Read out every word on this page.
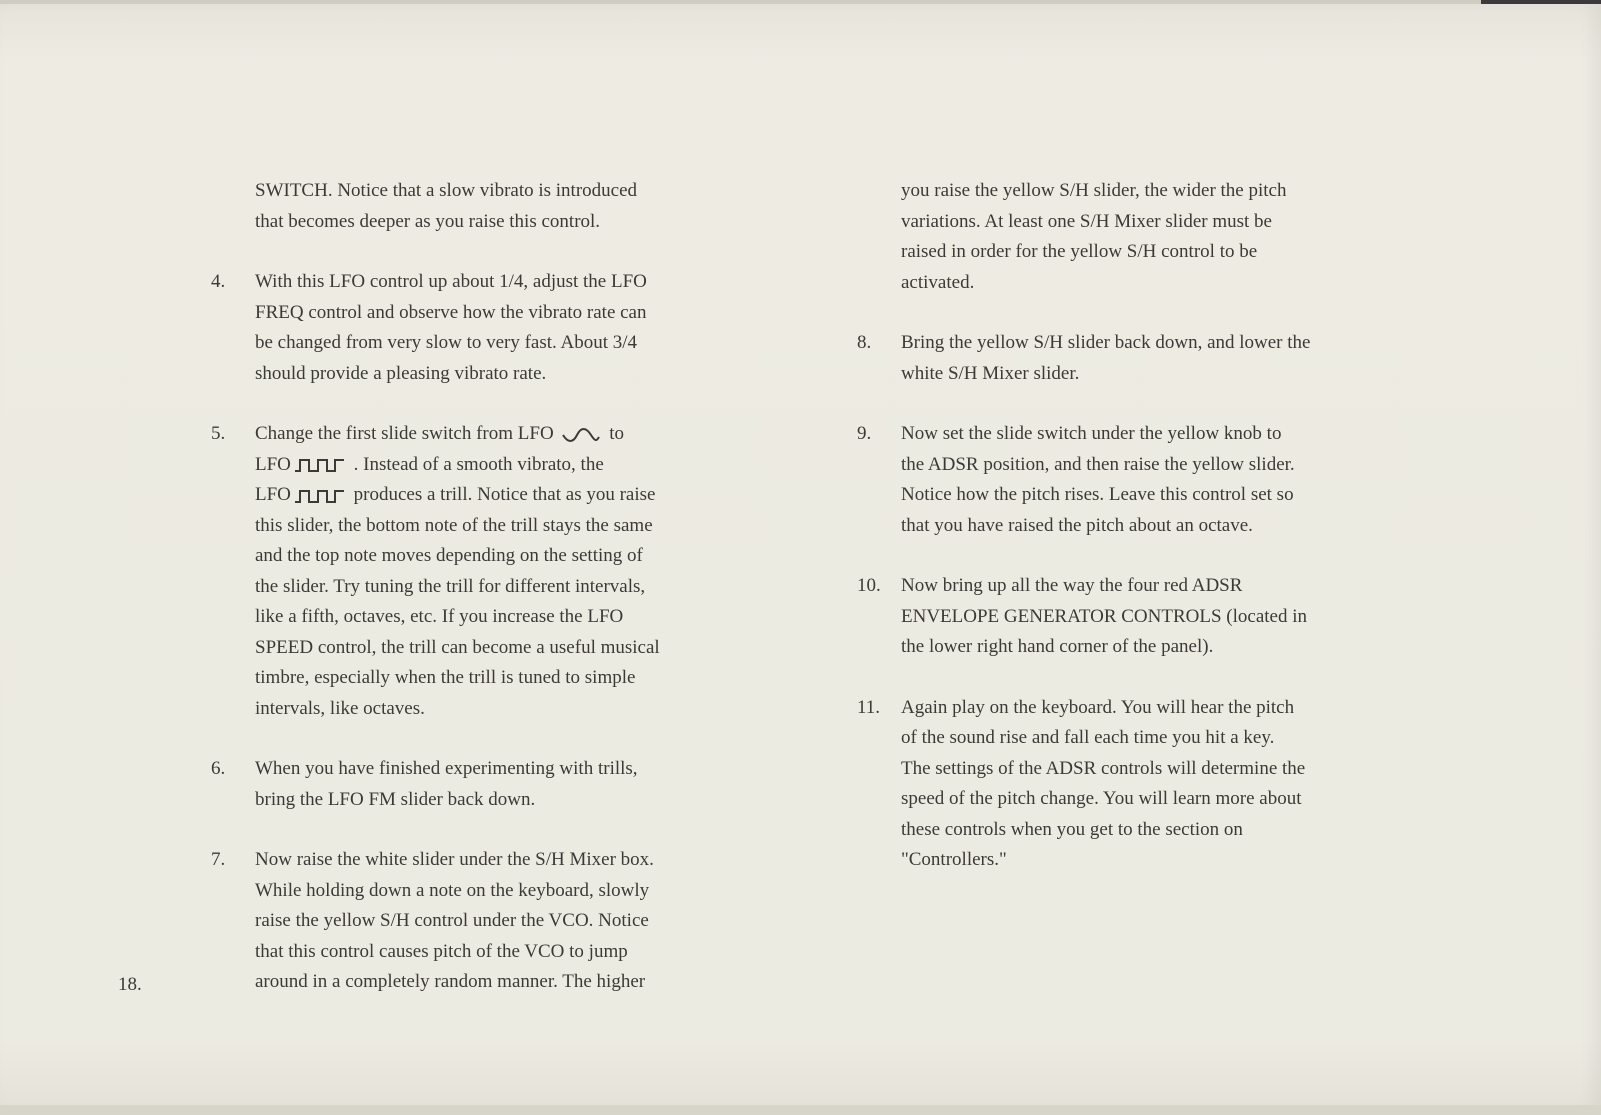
SWITCH. Notice that a slow vibrato is introduced
that becomes deeper as you raise this control.
4.	With this LFO control up about 1/4, adjust the LFO
FREQ control and observe how the vibrato rate can
be changed from very slow to very fast. About 3/4
should provide a pleasing vibrato rate.
5.	Change the first slide switch from LFO	to
LFO	. Instead of a smooth vibrato, the
LFO	produces a trill. Notice that as you raise
this slider, the bottom note of the trill stays the same
and the top note moves depending on the setting of
the slider. Try tuning the trill for different intervals,
like a fifth, octaves, etc. If you increase the LFO
SPEED control, the trill can become a useful musical
timbre, especially when the trill is tuned to simple
intervals, like octaves.
6.	When you have finished experimenting with trills,
bring the LFO FM slider back down.
7.	Now raise the white slider under the S/H Mixer box.
While holding down a note on the keyboard, slowly
raise the yellow S/H control under the VCO. Notice
that this control causes pitch of the VCO to jump
around in a completely random manner. The higher
you raise the yellow S/H slider, the wider the pitch
variations. At least one S/H Mixer slider must be
raised in order for the yellow S/H control to be
activated.
8.	Bring the yellow S/H slider back down, and lower the
white S/H Mixer slider.
9.	Now set the slide switch under the yellow knob to
the ADSR position, and then raise the yellow slider.
Notice how the pitch rises. Leave this control set so
that you have raised the pitch about an octave.
10.	Now bring up all the way the four red ADSR
ENVELOPE GENERATOR CONTROLS (located in
the lower right hand corner of the panel).
11.	Again play on the keyboard. You will hear the pitch
of the sound rise and fall each time you hit a key.
The settings of the ADSR controls will determine the
speed of the pitch change. You will learn more about
these controls when you get to the section on
"Controllers."
18.
